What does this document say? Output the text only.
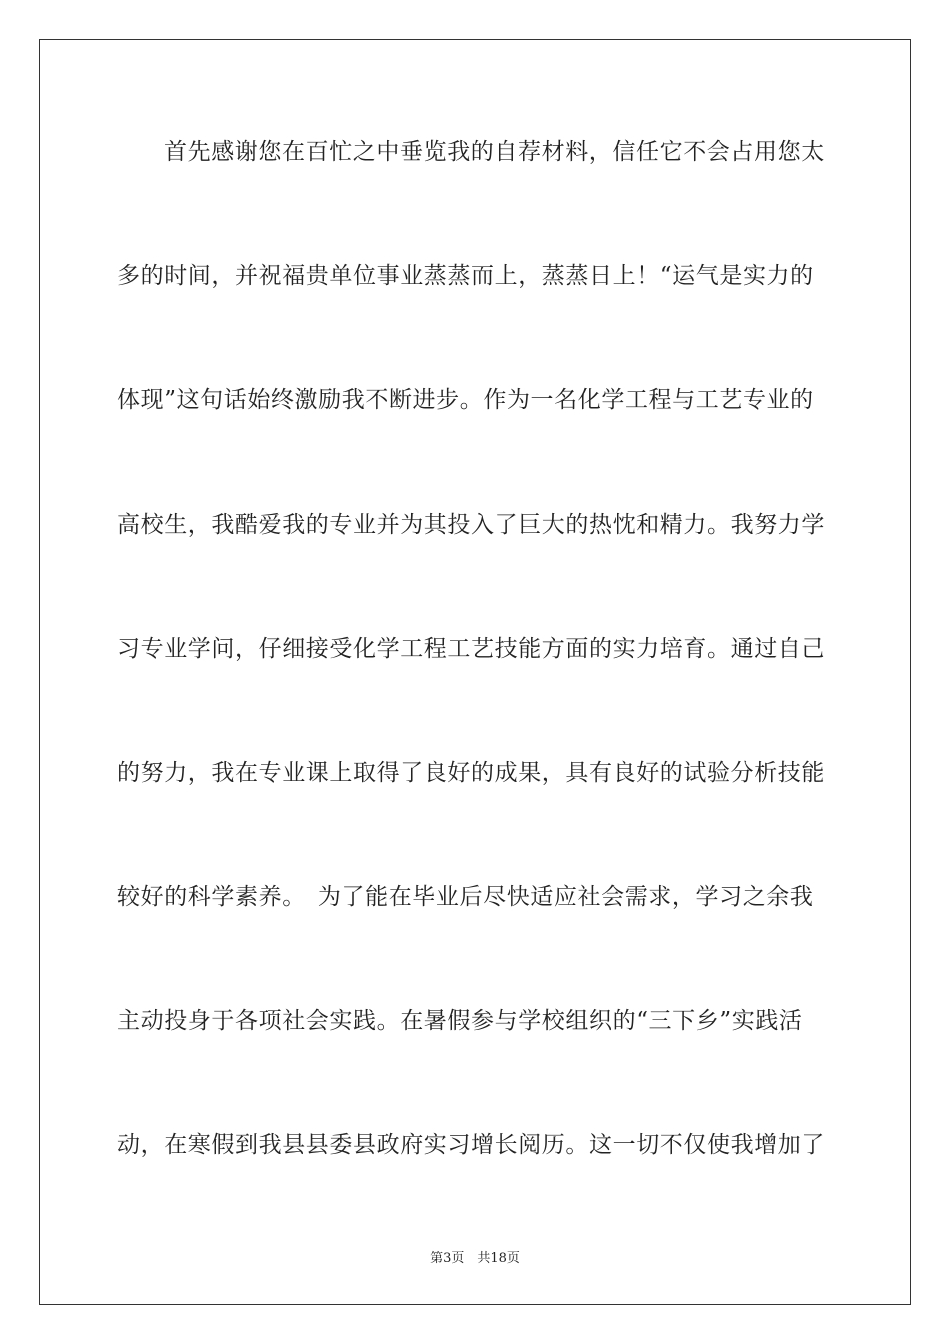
首先感谢您在百忙之中垂览我的自荐材料，信任它不会占用您太
多的时间，并祝福贵单位事业蒸蒸而上，蒸蒸日上！“运气是实力的
体现”这句话始终激励我不断进步。作为一名化学工程与工艺专业的
高校生，我酷爱我的专业并为其投入了巨大的热忱和精力。我努力学
习专业学问，仔细接受化学工程工艺技能方面的实力培育。通过自己
的努力，我在专业课上取得了良好的成果，具有良好的试验分析技能
较好的科学素养。　为了能在毕业后尽快适应社会需求，学习之余我
主动投身于各项社会实践。在暑假参与学校组织的“三下乡”实践活
动，在寒假到我县县委县政府实习增长阅历。这一切不仅使我增加了
第3页　共18页
